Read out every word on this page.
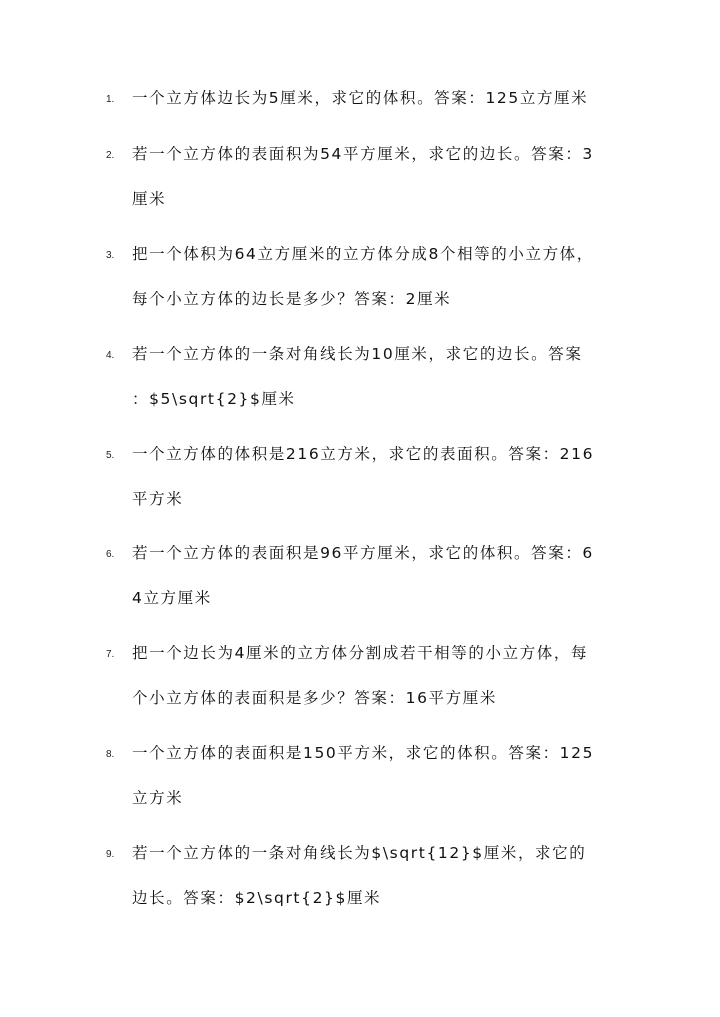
1. 一个立方体边长为5厘米，求它的体积。答案：125立方厘米
2. 若一个立方体的表面积为54平方厘米，求它的边长。答案：3
厘米
3. 把一个体积为64立方厘米的立方体分成8个相等的小立方体，
每个小立方体的边长是多少？答案：2厘米
4. 若一个立方体的一条对角线长为10厘米，求它的边长。答案
：$5\sqrt{2}$厘米
5. 一个立方体的体积是216立方米，求它的表面积。答案：216
平方米
6. 若一个立方体的表面积是96平方厘米，求它的体积。答案：6
4立方厘米
7. 把一个边长为4厘米的立方体分割成若干相等的小立方体，每
个小立方体的表面积是多少？答案：16平方厘米
8. 一个立方体的表面积是150平方米，求它的体积。答案：125
立方米
9. 若一个立方体的一条对角线长为$\sqrt{12}$厘米，求它的
边长。答案：$2\sqrt{2}$厘米
